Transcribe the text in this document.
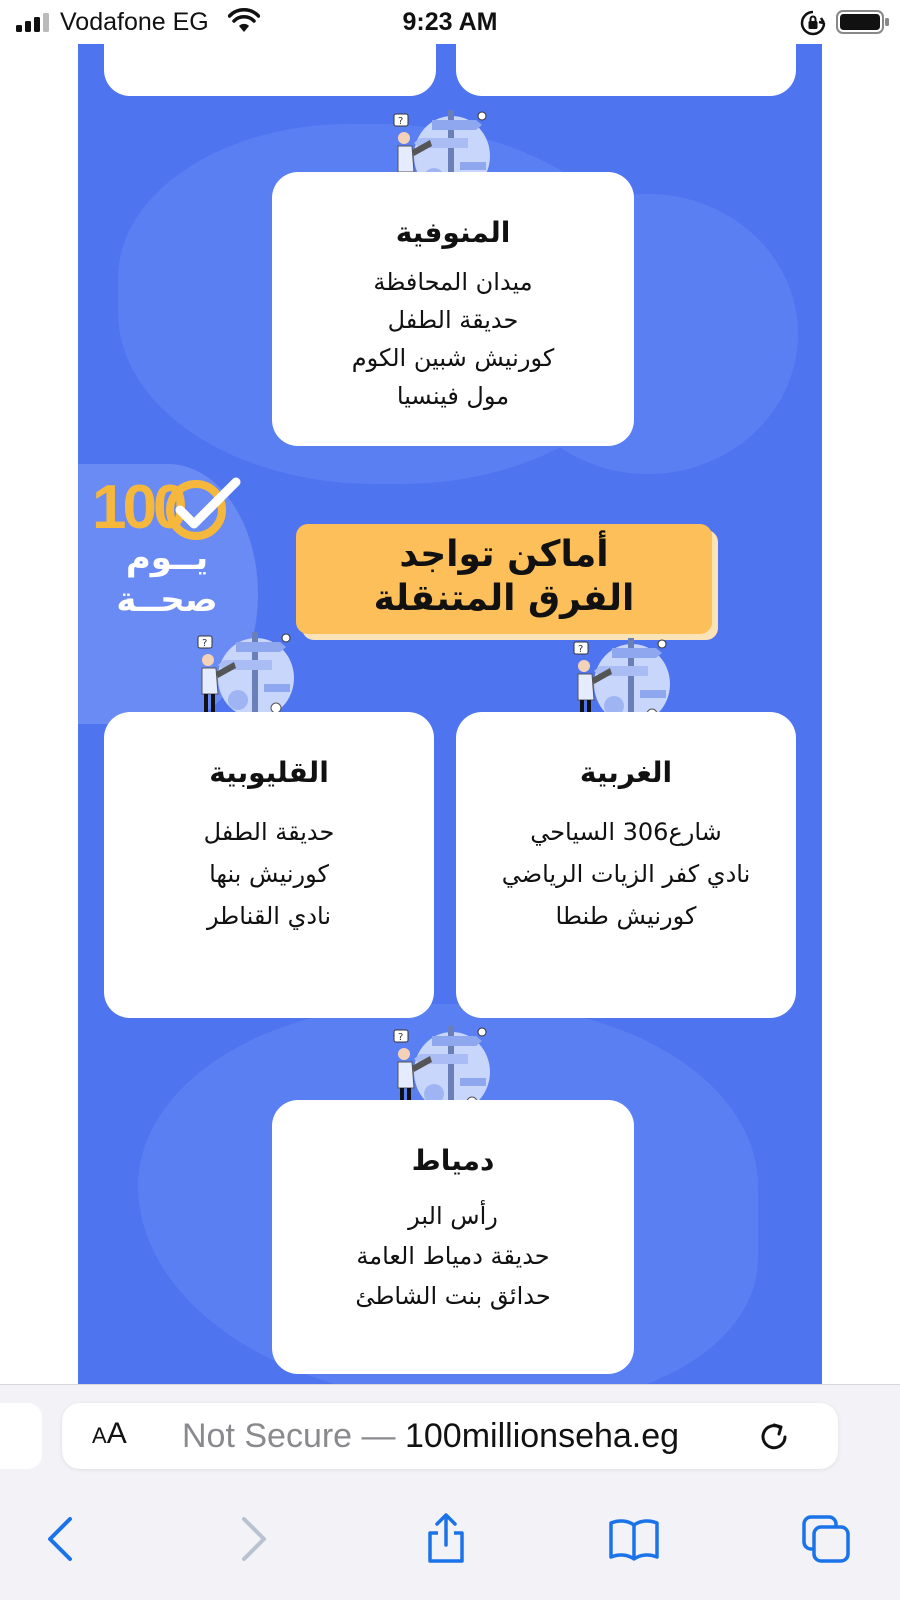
Vodafone EG	9:23 AM
?
المنوفية
ميدان المحافظة
حديقة الطفل
كورنيش شبين الكوم
مول فينسيا
100
يــوم
صحــة
أماكن تواجد
الفرق المتنقلة
?
القليوبية
حديقة الطفل
كورنيش بنها
نادي القناطر
?
الغربية
شارع306 السياحي
نادي كفر الزيات الرياضي
كورنيش طنطا
?
دمياط
رأس البر
حديقة دمياط العامة
حدائق بنت الشاطئ
AA	Not Secure — 100millionseha.eg
